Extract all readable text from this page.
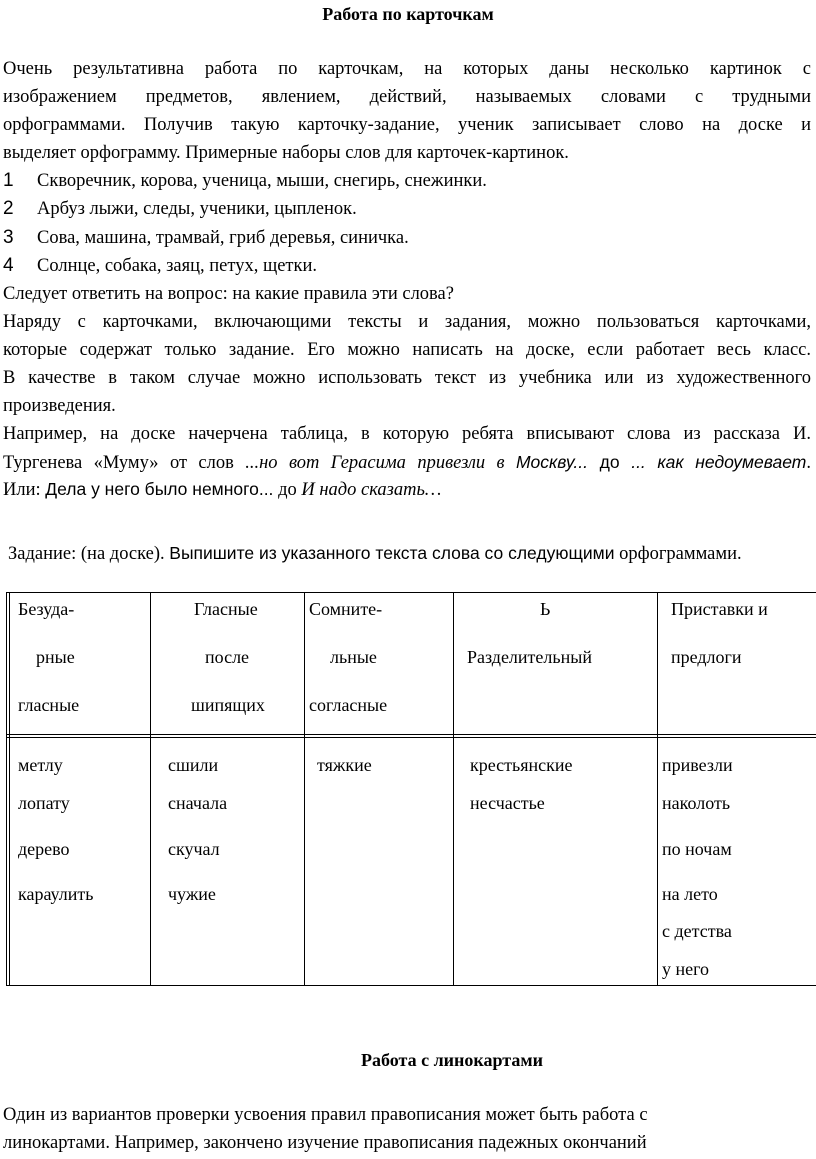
Работа по карточкам
Очень результативна работа по карточкам, на которых даны несколько картинок с
изображением предметов, явлением, действий, называемых словами с трудными
орфограммами. Получив такую карточку-задание, ученик записывает слово на доске и
выделяет орфограмму. Примерные наборы слов для карточек-картинок.
1 Скворечник, корова, ученица, мыши, снегирь, снежинки.
2 Арбуз лыжи, следы, ученики, цыпленок.
3 Сова, машина, трамвай, гриб деревья, синичка.
4 Солнце, собака, заяц, петух, щетки.
Следует ответить на вопрос: на какие правила эти слова?
Наряду с карточками, включающими тексты и задания, можно пользоваться карточками,
которые содержат только задание. Его можно написать на доске, если работает весь класс.
В качестве в таком случае можно использовать текст из учебника или из художественного
произведения.
Например, на доске начерчена таблица, в которую ребята вписывают слова из рассказа И.
Тургенева «Муму» от слов ...но вот Герасима привезли в Москву... до ... как недоумевает.
Или: Дела у него было немного... до И надо сказать…
Задание: (на доске). Выпишите из указанного текста слова со следующими орфограммами.
Безуда-
рные
гласные
Гласные
после
шипящих
Сомните-
льные
согласные
Ь
Разделительный
Приставки и
предлоги
метлу
лопату
дерево
караулить
сшили
сначала
скучал
чужие
тяжкие	крестьянские
несчастье
привезли
наколоть
по ночам
на лето
с детства
у него
Работа с линокартами
Один из вариантов проверки усвоения правил правописания может быть работа с
линокартами. Например, закончено изучение правописания падежных окончаний
